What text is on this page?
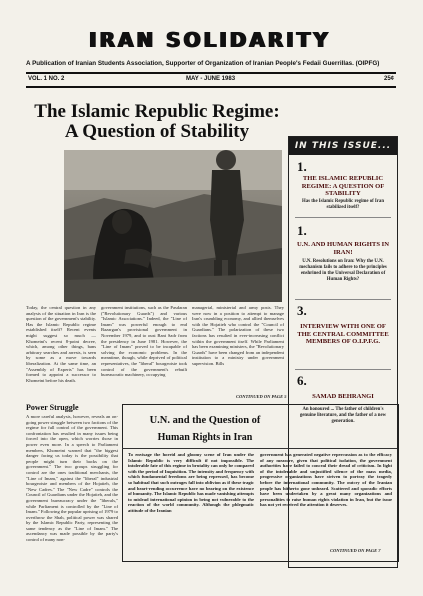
IRAN SOLIDARITY
A Publication of Iranian Students Association, Supporter of Organization of Iranian People's Fedaii Guerrillas. (OIPFG)
VOL. 1 NO. 2	MAY - JUNE 1983	25¢
The Islamic Republic Regime:
A Question of Stability
Today, the central question in any analysis of the situation in Iran is the question of the government's stability. Has the Islamic Republic regime established itself? Recent events might suggest so much — Khomeini's recent 8-point decree, which, among other things, bans arbitrary searches and arrests, is seen by some as a move towards liberalization. At the same time, an "Assembly of Experts" has been formed to appoint a successor to Khomeini before his death.
government institutions, such as the Pasdaran ("Revolutionary Guards") and various "Islamic Associations." Indeed, the "Line of Imam" was powerful enough to end Bazargan's provisional government in November 1979, and to oust Bani Sadr from the presidency in June 1981. However, the "Line of Imam" proved to be incapable of solving the economic problems. In the meantime, though, while deprived of political representatives, the "liberal" bourgeoisie took control of the government's rebuilt bureaucratic machinery, occupying
managerial, ministerial and army posts. They were now in a position to attempt to manage Iran's crumbling economy, and allied themselves with the Hojatieh who control the "Council of Guardians." The polarization of these two factions has resulted in ever-increasing conflict within the government itself. While Parliament has been examining ministers, the "Revolutionary Guards" have been changed from an independent institution to a ministry under government supervision. Bills
CONTINUED ON PAGE 5
Power Struggle
A more careful analysis, however, reveals an on-going power struggle between two factions of the regime for full control of the government. This confrontation has resulted in many issues being forced into the open, which worries those in power even more. In a speech to Parliament members, Khomeini warned that "the biggest danger facing us today is the possibility that people might turn their backs on the government." The two groups struggling for control are the ones traditional merchants, the "Line of Imam," against the "liberal" industrial bourgeoisie and members of the Hojatieh, the "New Cadres." The "New Cadre" controls the Council of Guardians under the Hojatieh, and the government bureaucracy under the "liberals," while Parliament is controlled by the "Line of Imam." Following the popular uprising of 1979 to overthrow the Shah, political power was shared by the Islamic Republic Party, representing the same tendency as the "Line of Imam." The ascendancy was made possible by the party's control of many non-
IN THIS ISSUE...
1.
THE ISLAMIC REPUBLIC REGIME: A QUESTION OF STABILITY
Has the Islamic Republic regime of Iran stabilized itself?
1.
U.N. AND HUMAN RIGHTS IN IRAN!
U.N. Resolutions on Iran: Why the U.N. mechanism fails to adhere to the principles enshrined in the Universal Declaration of Human Rights?
3.
INTERVIEW WITH ONE OF THE CENTRAL COMMITTEE MEMBERS OF O.I.P.F.G.
6.
SAMAD BEHRANGI
An honoured ... The father of children's genuine literature, and the father of a new generation.
U.N. and the Question of
Human Rights in Iran
To envisage the horrid and gloomy scene of Iran under the Islamic Republic is very difficult if not impossible. The intolerable fate of this regime in brutality can only be compared with the period of Inquisition. The intensity and frequency with which fundamental freedoms are being repressed, has become so habitual that such outrages fall into oblivion as if these tragic and heart-rending occurrence have no bearing on the existence of humanity. The Islamic Republic has made vanishing attempts to mislead international opinion in being not vulnerable to the reaction of the world community. Although the phlegmatic attitude of the Iranian
government has generated negative repercussion as to the efficacy of any measure, given that political isolation, the government authorities have failed to conceal their dread of criticism. In light of the intolerable and unjustified silence of the mass media, progressive organizations have striven to portray the tragedy before the international community. The outcry of the Iranian people has hitherto gone unheard. Scattered and sporadic efforts have been undertaken by a great many organizations and personalities to raise human rights violation in Iran, but the issue has not yet received the attention it deserves.
CONTINUED ON PAGE 7
